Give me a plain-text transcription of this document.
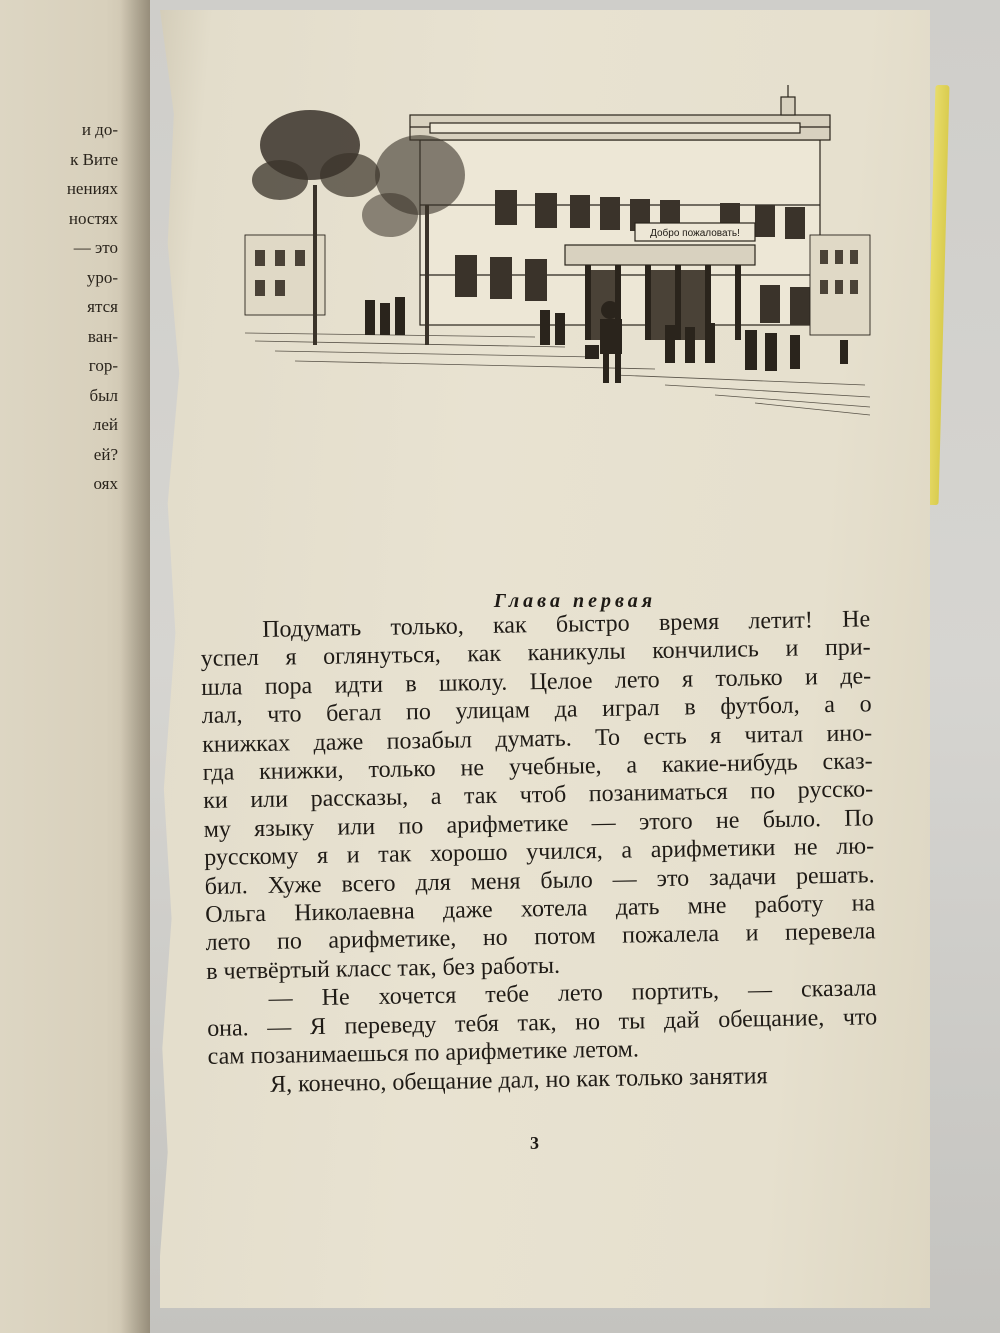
и до-
к Вите
нениях
ностях
— это
уро-
ятся
ван-
гор-
был
лей
ей?
оях
Добро пожаловать!
Глава первая
Подумать только, как быстро время летит! Не
успел я оглянуться, как каникулы кончились и при-
шла пора идти в школу. Целое лето я только и де-
лал, что бегал по улицам да играл в футбол, а о
книжках даже позабыл думать. То есть я читал ино-
гда книжки, только не учебные, а какие-нибудь сказ-
ки или рассказы, а так чтоб позаниматься по русско-
му языку или по арифметике — этого не было. По
русскому я и так хорошо учился, а арифметики не лю-
бил. Хуже всего для меня было — это задачи решать.
Ольга Николаевна даже хотела дать мне работу на
лето по арифметике, но потом пожалела и перевела
в четвёртый класс так, без работы.
— Не хочется тебе лето портить, — сказала
она. — Я переведу тебя так, но ты дай обещание, что
сам позанимаешься по арифметике летом.
Я, конечно, обещание дал, но как только занятия
3
